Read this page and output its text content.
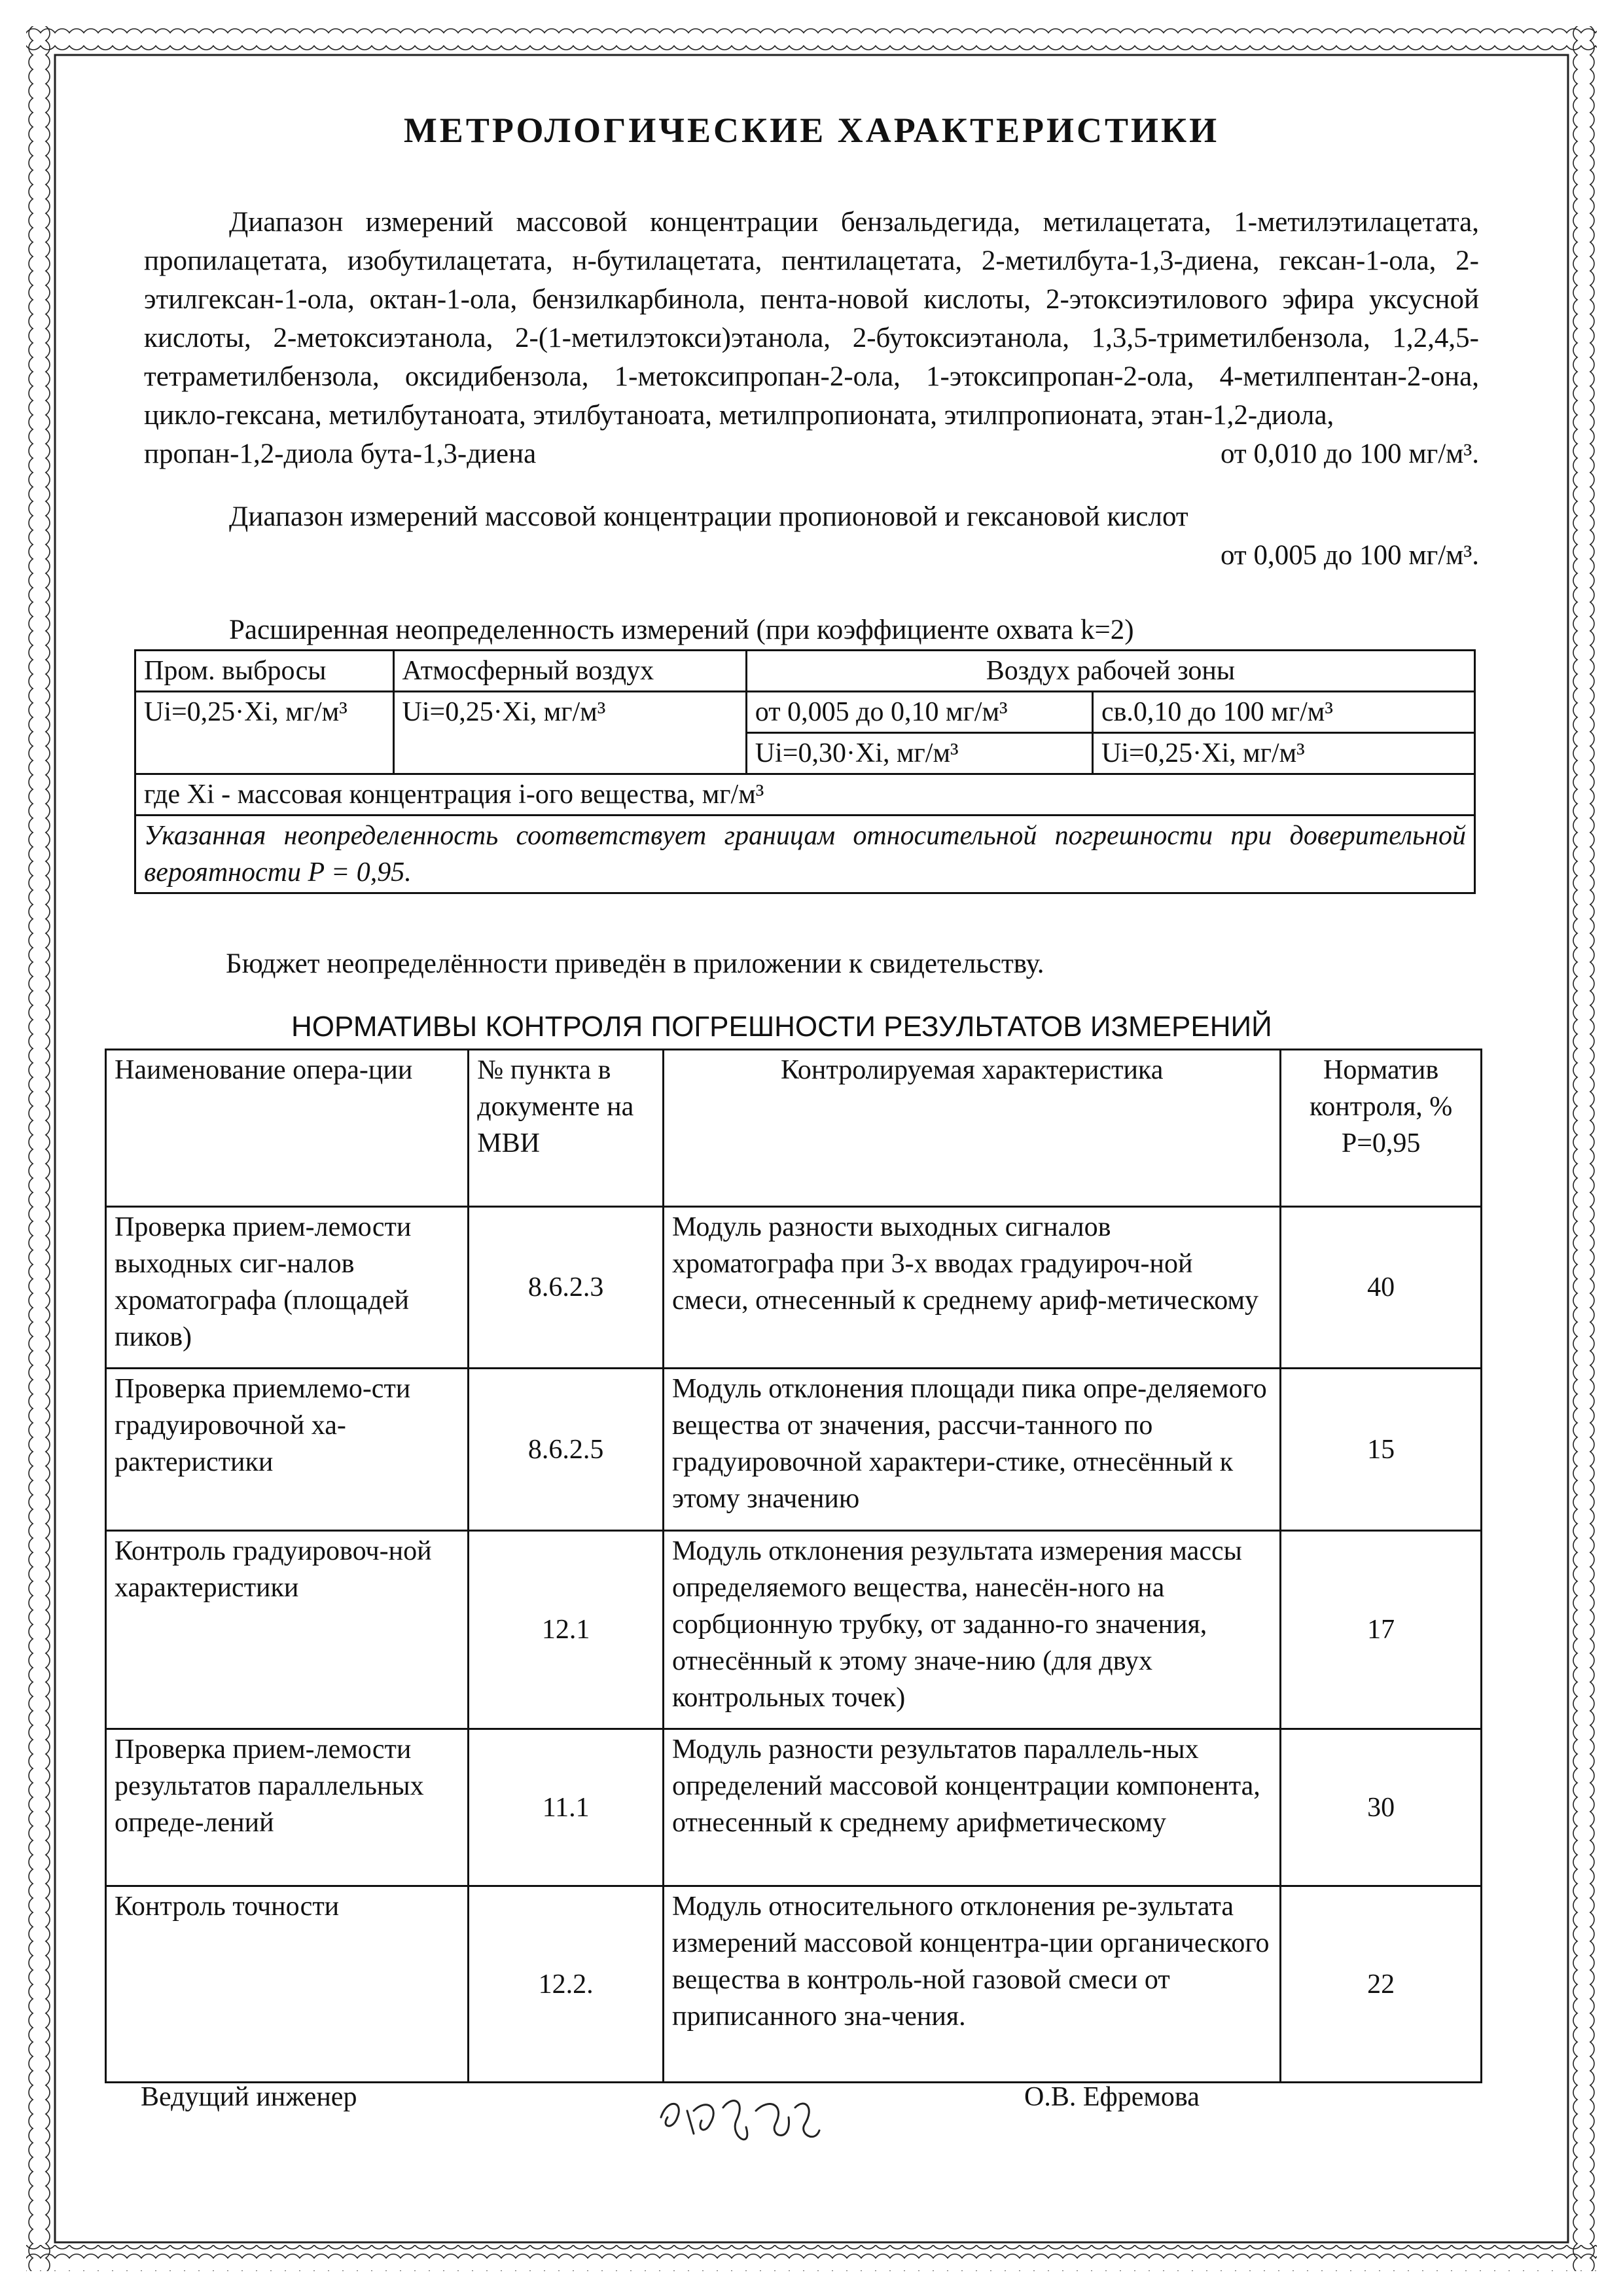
МЕТРОЛОГИЧЕСКИЕ ХАРАКТЕРИСТИКИ
Диапазон измерений массовой концентрации бензальдегида, метилацетата, 1-метилэтилацетата, пропилацетата, изобутилацетата, н-бутилацетата, пентилацетата, 2-метилбута-1,3-диена, гексан-1-ола, 2-этилгексан-1-ола, октан-1-ола, бензилкарбинола, пента-новой кислоты, 2-этоксиэтилового эфира уксусной кислоты, 2-метоксиэтанола, 2-(1-метилэтокси)этанола, 2-бутоксиэтанола, 1,3,5-триметилбензола, 1,2,4,5-тетраметилбензола, оксидибензола, 1-метоксипропан-2-ола, 1-этоксипропан-2-ола, 4-метилпентан-2-она, цикло-гексана, метилбутаноата, этилбутаноата, метилпропионата, этилпропионата, этан-1,2-диола,
пропан-1,2-диола бута-1,3-диена	от 0,010 до 100 мг/м³.
Диапазон измерений массовой концентрации пропионовой и гексановой кислот
от 0,005 до 100 мг/м³.
Расширенная неопределенность измерений (при коэффициенте охвата k=2)
Пром. выбросы	Атмосферный воздух	Воздух рабочей зоны	
Ui=0,25·Xi, мг/м³	Ui=0,25·Xi, мг/м³	от 0,005 до 0,10 мг/м³	св.0,10 до 100 мг/м³
		Ui=0,30·Xi, мг/м³	Ui=0,25·Xi, мг/м³
где Xi - массовая концентрация i-ого вещества, мг/м³			
Указанная неопределенность соответствует границам относительной погрешности при доверительной вероятности P = 0,95.			
Бюджет неопределённости приведён в приложении к свидетельству.
НОРМАТИВЫ КОНТРОЛЯ ПОГРЕШНОСТИ РЕЗУЛЬТАТОВ ИЗМЕРЕНИЙ
Наименование опера-ции	№ пункта в документе на МВИ	Контролируемая характеристика	Норматив контроля, % P=0,95
Проверка прием-лемости выходных сиг-налов хроматографа (площадей пиков)	8.6.2.3	Модуль разности выходных сигналов хроматографа при 3-х вводах градуироч-ной смеси, отнесенный к среднему ариф-метическому	40
Проверка приемлемо-сти градуировочной ха-рактеристики	8.6.2.5	Модуль отклонения площади пика опре-деляемого вещества от значения, рассчи-танного по градуировочной характери-стике, отнесённый к этому значению	15
Контроль градуировоч-ной характеристики	12.1	Модуль отклонения результата измерения массы определяемого вещества, нанесён-ного на сорбционную трубку, от заданно-го значения, отнесённый к этому значе-нию (для двух контрольных точек)	17
Проверка прием-лемости результатов параллельных опреде-лений	11.1	Модуль разности результатов параллель-ных определений массовой концентрации компонента, отнесенный к среднему арифметическому	30
Контроль точности	12.2.	Модуль относительного отклонения ре-зультата измерений массовой концентра-ции органического вещества в контроль-ной газовой смеси от приписанного зна-чения.	22
Ведущий инженер	О.В. Ефремова
